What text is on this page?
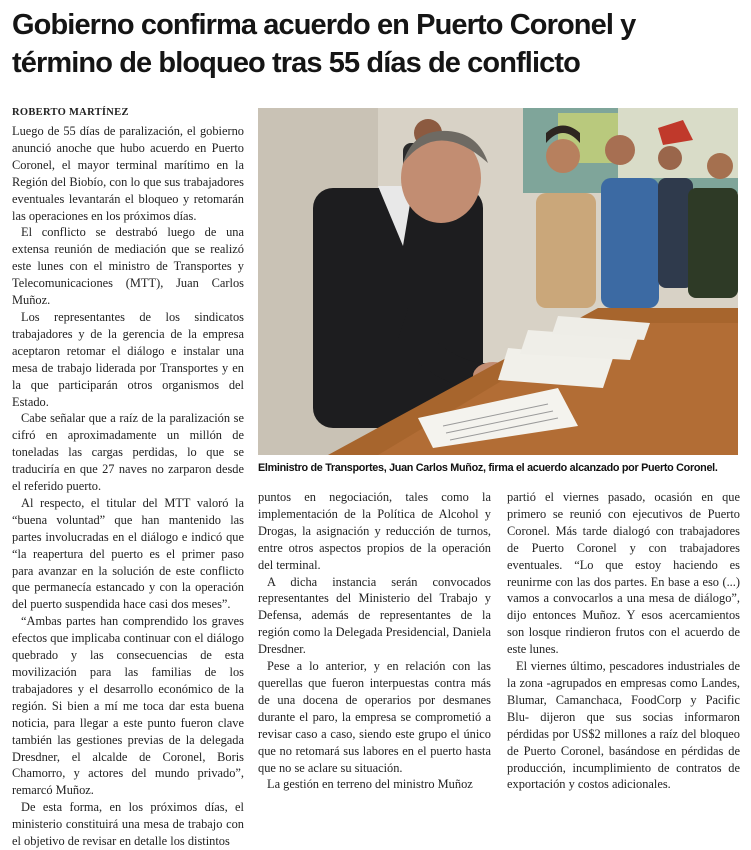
Gobierno confirma acuerdo en Puerto Coronel y término de bloqueo tras 55 días de conflicto

ROBERTO MARTÍNEZ

Luego de 55 días de paralización, el gobierno anunció anoche que hubo acuerdo en Puerto Coronel, el mayor terminal marítimo en la Región del Biobío, con lo que sus trabajadores eventuales levantarán el bloqueo y retomarán las operaciones en los próximos días.

El conflicto se destrabó luego de una extensa reunión de mediación que se realizó este lunes con el ministro de Transportes y Telecomunicaciones (MTT), Juan Carlos Muñoz.

Los representantes de los sindicatos trabajadores y de la gerencia de la empresa aceptaron retomar el diálogo e instalar una mesa de trabajo liderada por Transportes y en la que participarán otros organismos del Estado.

Cabe señalar que a raíz de la paralización se cifró en aproximadamente un millón de toneladas las cargas perdidas, lo que se traduciría en que 27 naves no zarparon desde el referido puerto.

Al respecto, el titular del MTT valoró la “buena voluntad” que han mantenido las partes involucradas en el diálogo e indicó que “la reapertura del puerto es el primer paso para avanzar en la solución de este conflicto que permanecía estancado y con la operación del puerto suspendida hace casi dos meses”.

“Ambas partes han comprendido los graves efectos que implicaba continuar con el diálogo quebrado y las consecuencias de esta movilización para las familias de los trabajadores y el desarrollo económico de la región. Si bien a mí me toca dar esta buena noticia, para llegar a este punto fueron clave también las gestiones previas de la delegada Dresdner, el alcalde de Coronel, Boris Chamorro, y actores del mundo privado”, remarcó Muñoz.

De esta forma, en los próximos días, el ministerio constituirá una mesa de trabajo con el objetivo de revisar en detalle los distintos

Elministro de Transportes, Juan Carlos Muñoz, firma el acuerdo alcanzado por Puerto Coronel.

puntos en negociación, tales como la implementación de la Política de Alcohol y Drogas, la asignación y reducción de turnos, entre otros aspectos propios de la operación del terminal.

A dicha instancia serán convocados representantes del Ministerio del Trabajo y Defensa, además de representantes de la región como la Delegada Presidencial, Daniela Dresdner.

Pese a lo anterior, y en relación con las querellas que fueron interpuestas contra más de una docena de operarios por desmanes durante el paro, la empresa se comprometió a revisar caso a caso, siendo este grupo el único que no retomará sus labores en el puerto hasta que no se aclare su situación.

La gestión en terreno del ministro Muñoz

partió el viernes pasado, ocasión en que primero se reunió con ejecutivos de Puerto Coronel. Más tarde dialogó con trabajadores de Puerto Coronel y con trabajadores eventuales. “Lo que estoy haciendo es reunirme con las dos partes. En base a eso (...) vamos a convocarlos a una mesa de diálogo”, dijo entonces Muñoz. Y esos acercamientos son losque rindieron frutos con el acuerdo de este lunes.

El viernes último, pescadores industriales de la zona -agrupados en empresas como Landes, Blumar, Camanchaca, FoodCorp y Pacific Blu- dijeron que sus socias informaron pérdidas por US$2 millones a raíz del bloqueo de Puerto Coronel, basándose en pérdidas de producción, incumplimiento de contratos de exportación y costos adicionales.
